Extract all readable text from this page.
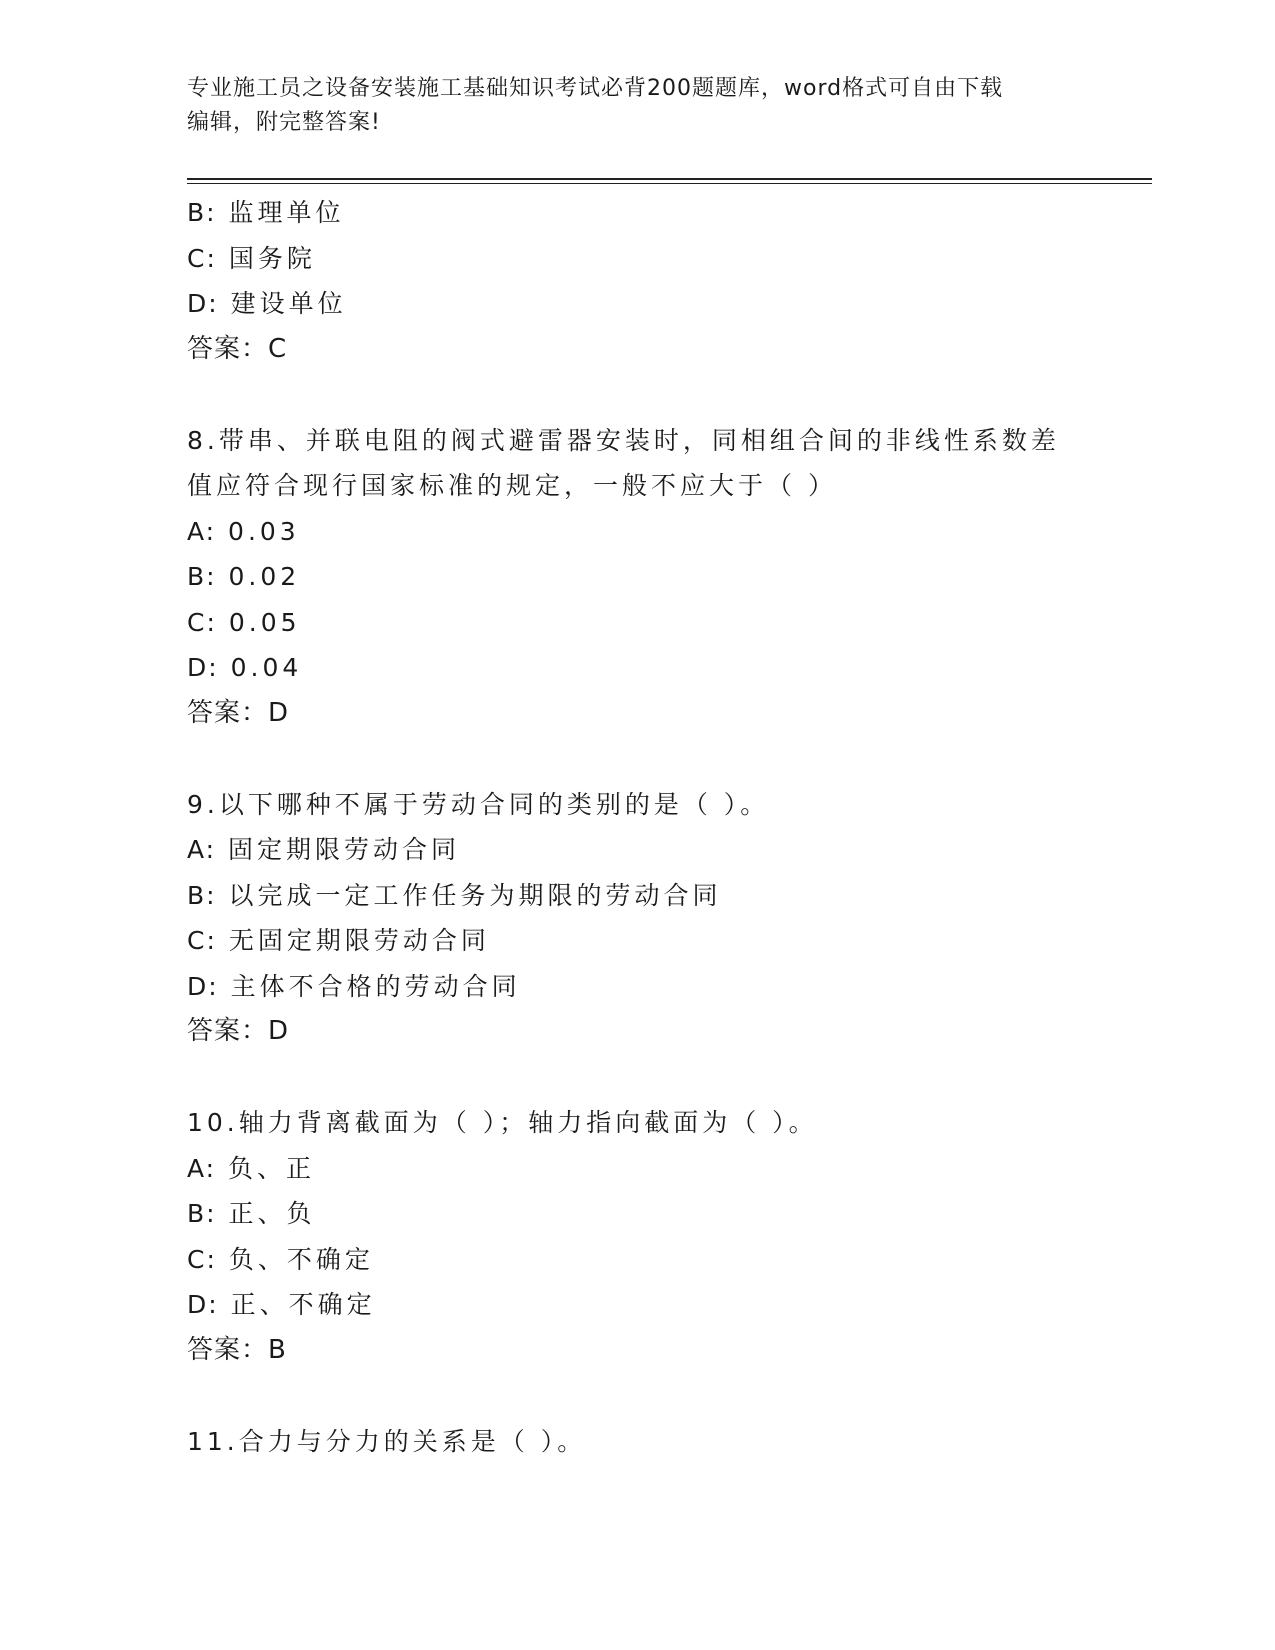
专业施工员之设备安装施工基础知识考试必背200题题库，word格式可自由下载
编辑，附完整答案!
B: 监理单位
C: 国务院
D: 建设单位
答案：C
8.带串、并联电阻的阀式避雷器安装时，同相组合间的非线性系数差
值应符合现行国家标准的规定，一般不应大于（ ）
A: 0.03
B: 0.02
C: 0.05
D: 0.04
答案：D
9.以下哪种不属于劳动合同的类别的是（ ）。
A: 固定期限劳动合同
B: 以完成一定工作任务为期限的劳动合同
C: 无固定期限劳动合同
D: 主体不合格的劳动合同
答案：D
10.轴力背离截面为（ ）；轴力指向截面为（ ）。
A: 负、正
B: 正、负
C: 负、不确定
D: 正、不确定
答案：B
11.合力与分力的关系是（ ）。
